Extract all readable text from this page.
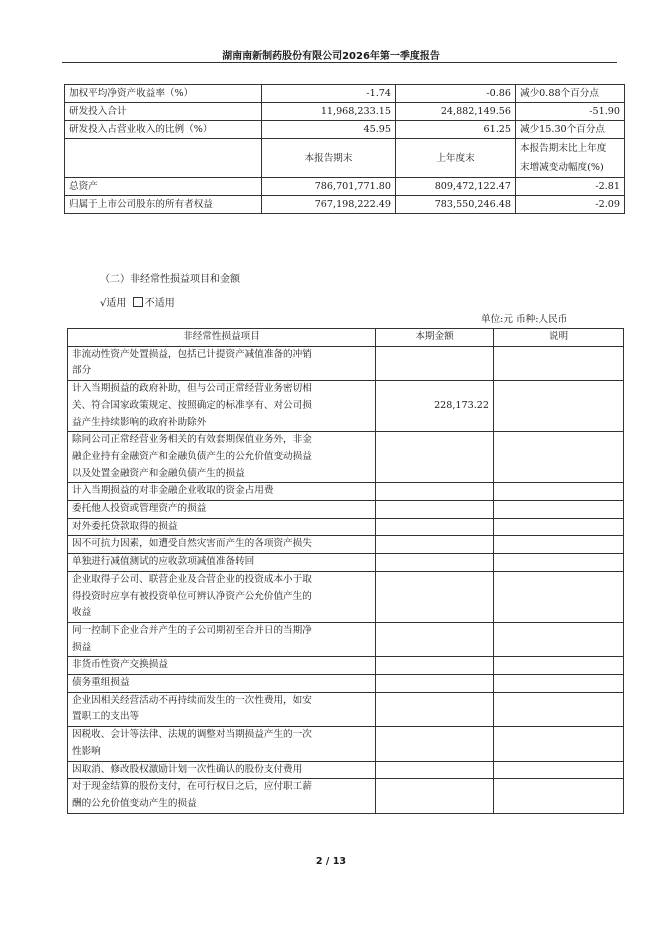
湖南南新制药股份有限公司2026年第一季度报告
加权平均净资产收益率（%）	-1.74	-0.86	减少0.88个百分点
研发投入合计	11,968,233.15	24,882,149.56	-51.90
研发投入占营业收入的比例（%）	45.95	61.25	减少15.30个百分点
	本报告期末	上年度末	本报告期末比上年度
末增减变动幅度(%)

总资产	786,701,771.80	809,472,122.47	-2.81
归属于上市公司股东的所有者权益	767,198,222.49	783,550,246.48	-2.09
（二）非经常性损益项目和金额
√适用 不适用
单位:元 币种:人民币
非经常性损益项目	本期金额	说明

非流动性资产处置损益，包括已计提资产减值准备的冲销
部分		

计入当期损益的政府补助，但与公司正常经营业务密切相
关、符合国家政策规定、按照确定的标准享有、对公司损
益产生持续影响的政府补助除外	228,173.22	

除同公司正常经营业务相关的有效套期保值业务外，非金
融企业持有金融资产和金融负债产生的公允价值变动损益
以及处置金融资产和金融负债产生的损益		

计入当期损益的对非金融企业收取的资金占用费		

委托他人投资或管理资产的损益		

对外委托贷款取得的损益		

因不可抗力因素，如遭受自然灾害而产生的各项资产损失		

单独进行减值测试的应收款项减值准备转回		

企业取得子公司、联营企业及合营企业的投资成本小于取
得投资时应享有被投资单位可辨认净资产公允价值产生的
收益		

同一控制下企业合并产生的子公司期初至合并日的当期净
损益		

非货币性资产交换损益		

债务重组损益		

企业因相关经营活动不再持续而发生的一次性费用，如安
置职工的支出等		

因税收、会计等法律、法规的调整对当期损益产生的一次
性影响		

因取消、修改股权激励计划一次性确认的股份支付费用		

对于现金结算的股份支付，在可行权日之后，应付职工薪
酬的公允价值变动产生的损益		

2 / 13
